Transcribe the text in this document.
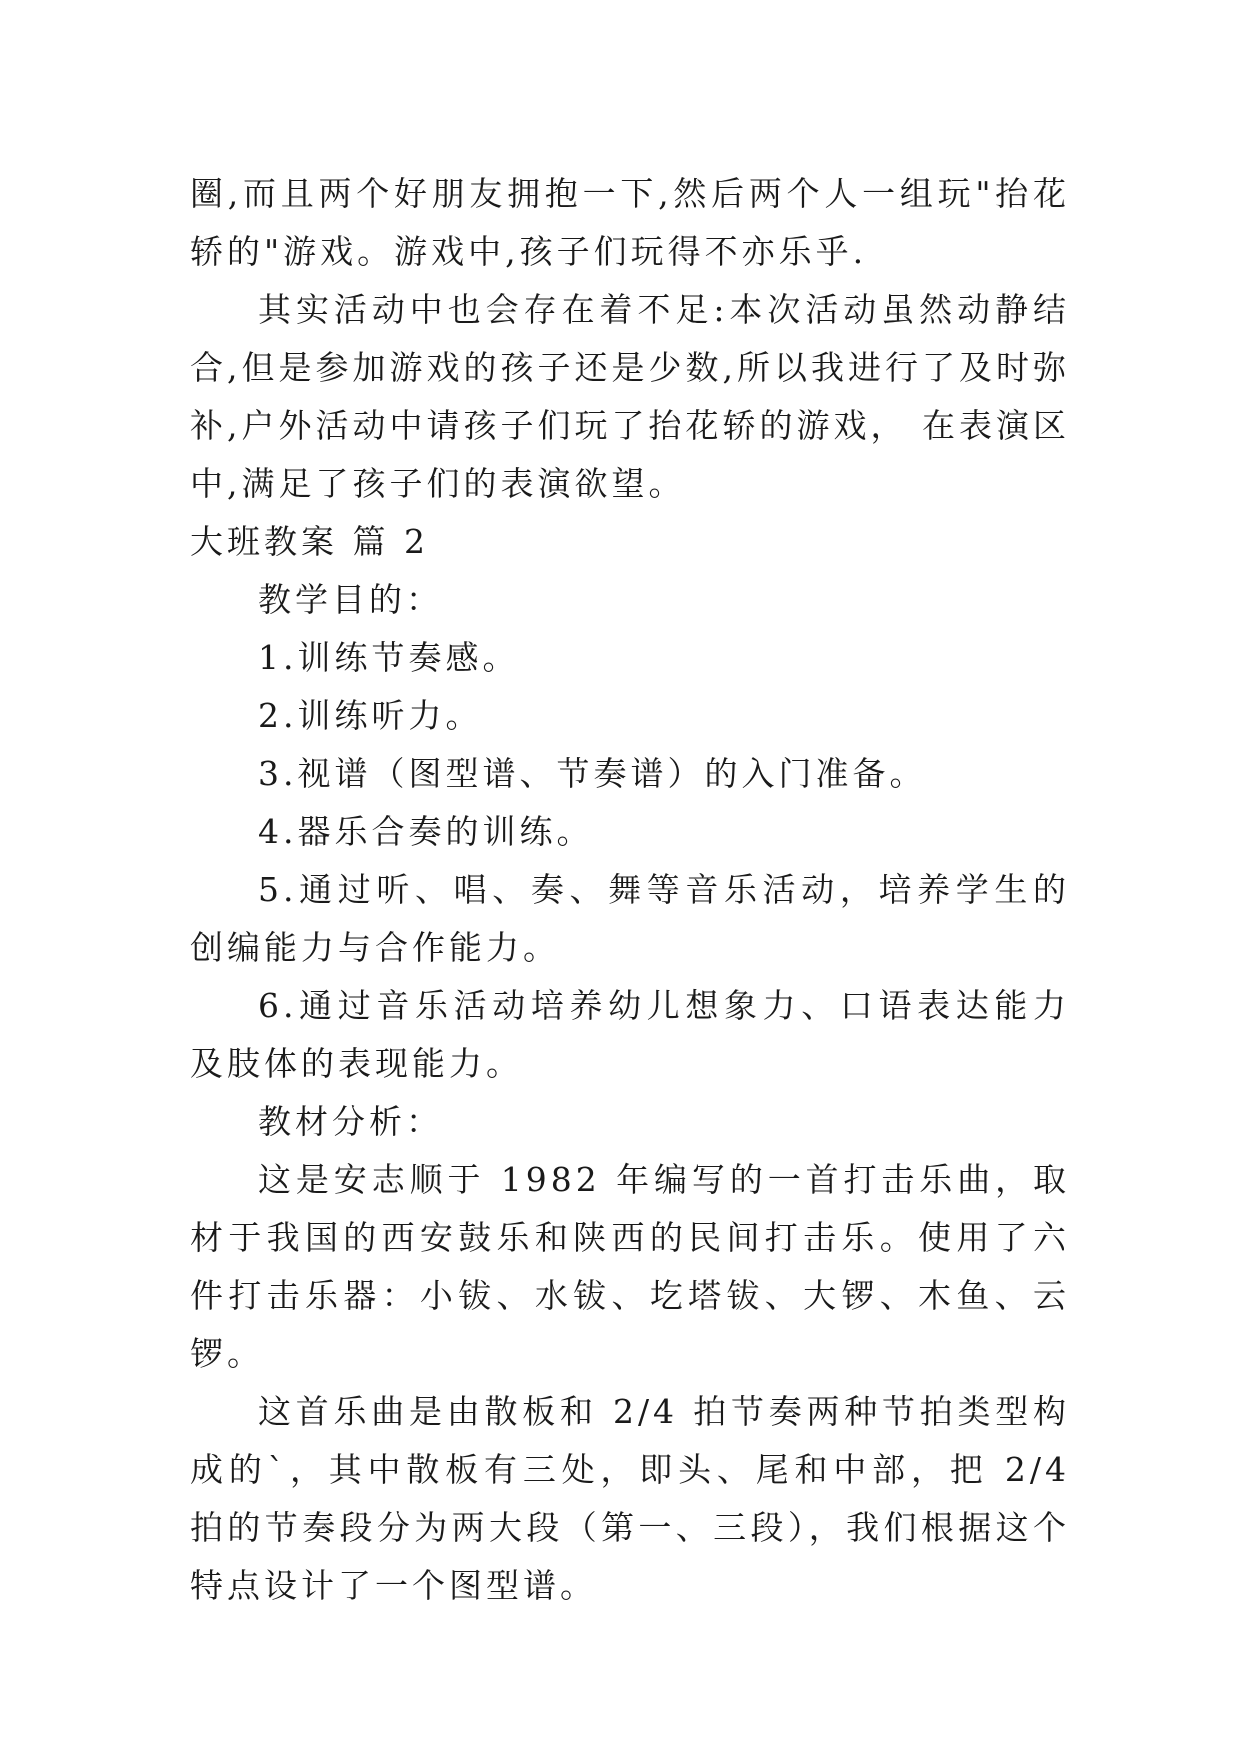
圈,而且两个好朋友拥抱一下,然后两个人一组玩"抬花轿的"游戏。游戏中,孩子们玩得不亦乐乎.

其实活动中也会存在着不足:本次活动虽然动静结合,但是参加游戏的孩子还是少数,所以我进行了及时弥补,户外活动中请孩子们玩了抬花轿的游戏， 在表演区中,满足了孩子们的表演欲望。

大班教案 篇 2

教学目的：

1.训练节奏感。

2.训练听力。

3.视谱（图型谱、节奏谱）的入门准备。

4.器乐合奏的训练。

5.通过听、唱、奏、舞等音乐活动，培养学生的创编能力与合作能力。

6.通过音乐活动培养幼儿想象力、口语表达能力及肢体的表现能力。

教材分析：

这是安志顺于 1982 年编写的一首打击乐曲，取材于我国的西安鼓乐和陕西的民间打击乐。使用了六件打击乐器：小钹、水钹、圪塔钹、大锣、木鱼、云锣。

这首乐曲是由散板和 2/4 拍节奏两种节拍类型构成的`，其中散板有三处，即头、尾和中部，把 2/4 拍的节奏段分为两大段（第一、三段），我们根据这个特点设计了一个图型谱。
